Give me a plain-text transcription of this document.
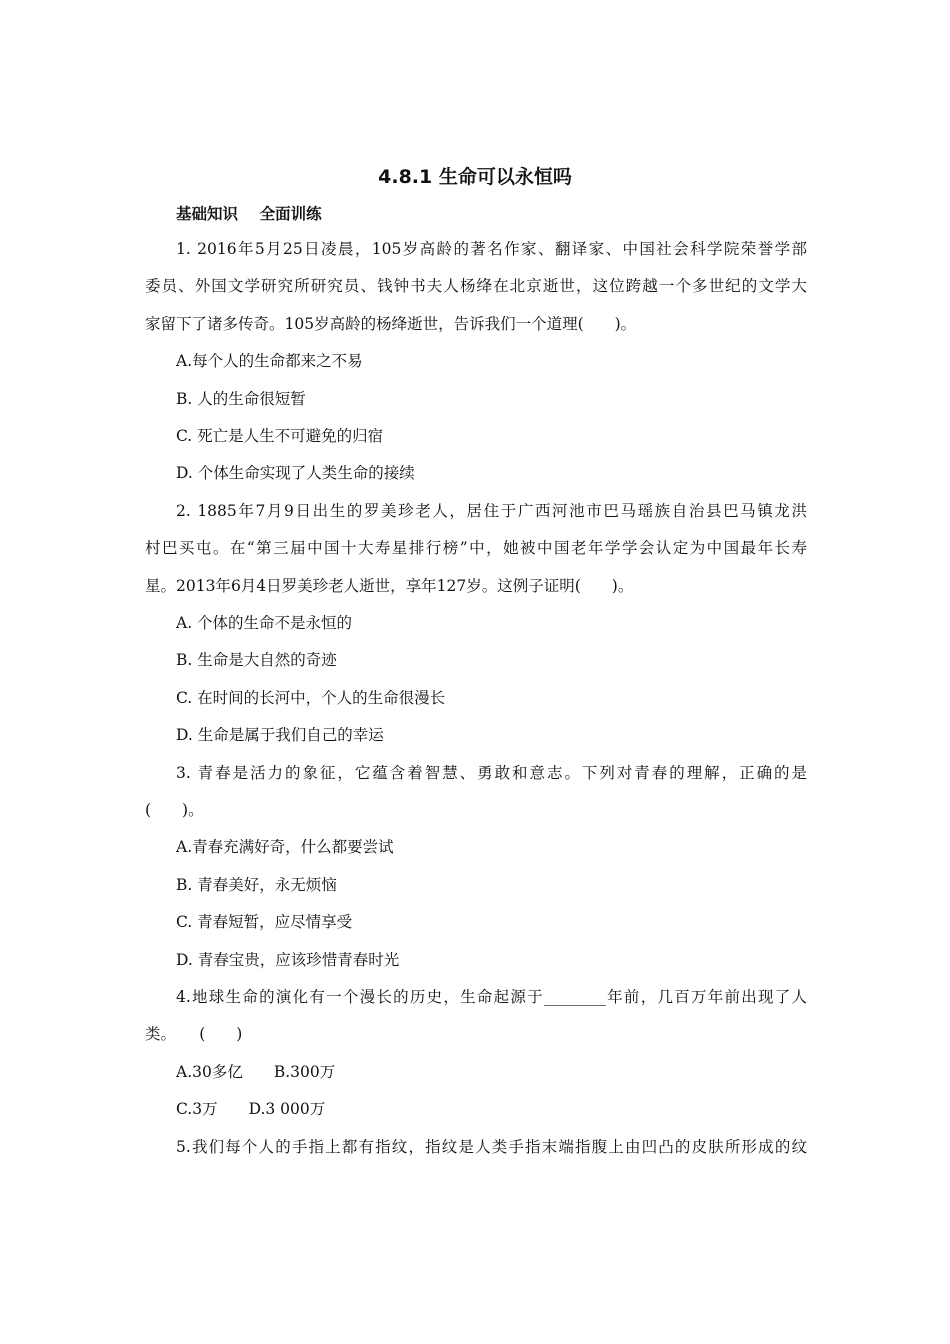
4.8.1 生命可以永恒吗
基础知识    全面训练
1. 2016年5月25日凌晨，105岁高龄的著名作家、翻译家、中国社会科学院荣誉学部
委员、外国文学研究所研究员、钱钟书夫人杨绛在北京逝世，这位跨越一个多世纪的文学大
家留下了诸多传奇。105岁高龄的杨绛逝世，告诉我们一个道理(　　)。
A.每个人的生命都来之不易
B. 人的生命很短暂
C. 死亡是人生不可避免的归宿
D. 个体生命实现了人类生命的接续
2. 1885年7月9日出生的罗美珍老人，居住于广西河池市巴马瑶族自治县巴马镇龙洪
村巴买屯。在“第三届中国十大寿星排行榜”中，她被中国老年学学会认定为中国最年长寿
星。2013年6月4日罗美珍老人逝世，享年127岁。这例子证明(　　)。
A. 个体的生命不是永恒的
B. 生命是大自然的奇迹
C. 在时间的长河中，个人的生命很漫长
D. 生命是属于我们自己的幸运
3. 青春是活力的象征，它蕴含着智慧、勇敢和意志。下列对青春的理解，正确的是
(　　)。
A.青春充满好奇，什么都要尝试
B. 青春美好，永无烦恼
C. 青春短暂，应尽情享受
D. 青春宝贵，应该珍惜青春时光
4.地球生命的演化有一个漫长的历史，生命起源于________年前，几百万年前出现了人
类。　　(　　)
A.30多亿　　B.300万
C.3万　　D.3 000万
5.我们每个人的手指上都有指纹，指纹是人类手指末端指腹上由凹凸的皮肤所形成的纹
